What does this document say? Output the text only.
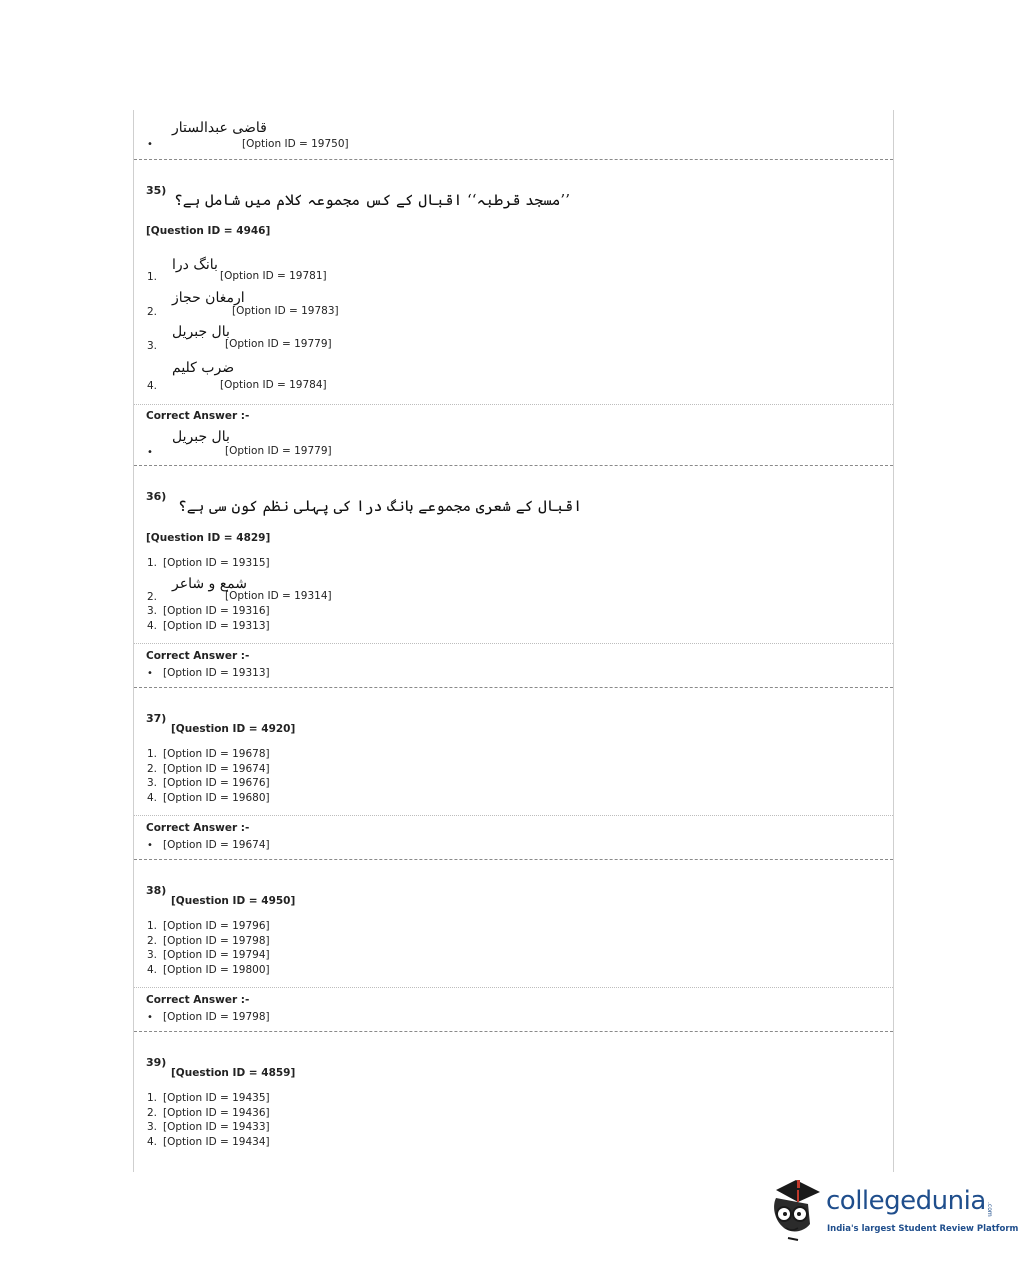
قاضی عبدالستار
•	[Option ID = 19750]
35)
’’مسجد قرطبہ‘‘ اقبال کے کس مجموعہ کلام میں شامل ہے؟
[Question ID = 4946]
بانگ درا
1.	[Option ID = 19781]
ارمغان حجاز
2.	[Option ID = 19783]
بال جبریل
3.	[Option ID = 19779]
ضرب کلیم
4.	[Option ID = 19784]
Correct Answer :-
بال جبریل
•	[Option ID = 19779]
36)
اقبال کے شعری مجموعے بانگ درا کی پہلی نظم کون سی ہے؟
[Question ID = 4829]
1. [Option ID = 19315]
شمع و شاعر
2.	[Option ID = 19314]
3. [Option ID = 19316]
4. [Option ID = 19313]
Correct Answer :-
• [Option ID = 19313]
37)
[Question ID = 4920]
1. [Option ID = 19678]
2. [Option ID = 19674]
3. [Option ID = 19676]
4. [Option ID = 19680]
Correct Answer :-
• [Option ID = 19674]
38)
[Question ID = 4950]
1. [Option ID = 19796]
2. [Option ID = 19798]
3. [Option ID = 19794]
4. [Option ID = 19800]
Correct Answer :-
• [Option ID = 19798]
39)
[Question ID = 4859]
1. [Option ID = 19435]
2. [Option ID = 19436]
3. [Option ID = 19433]
4. [Option ID = 19434]
collegedunia .com
India's largest Student Review Platform
